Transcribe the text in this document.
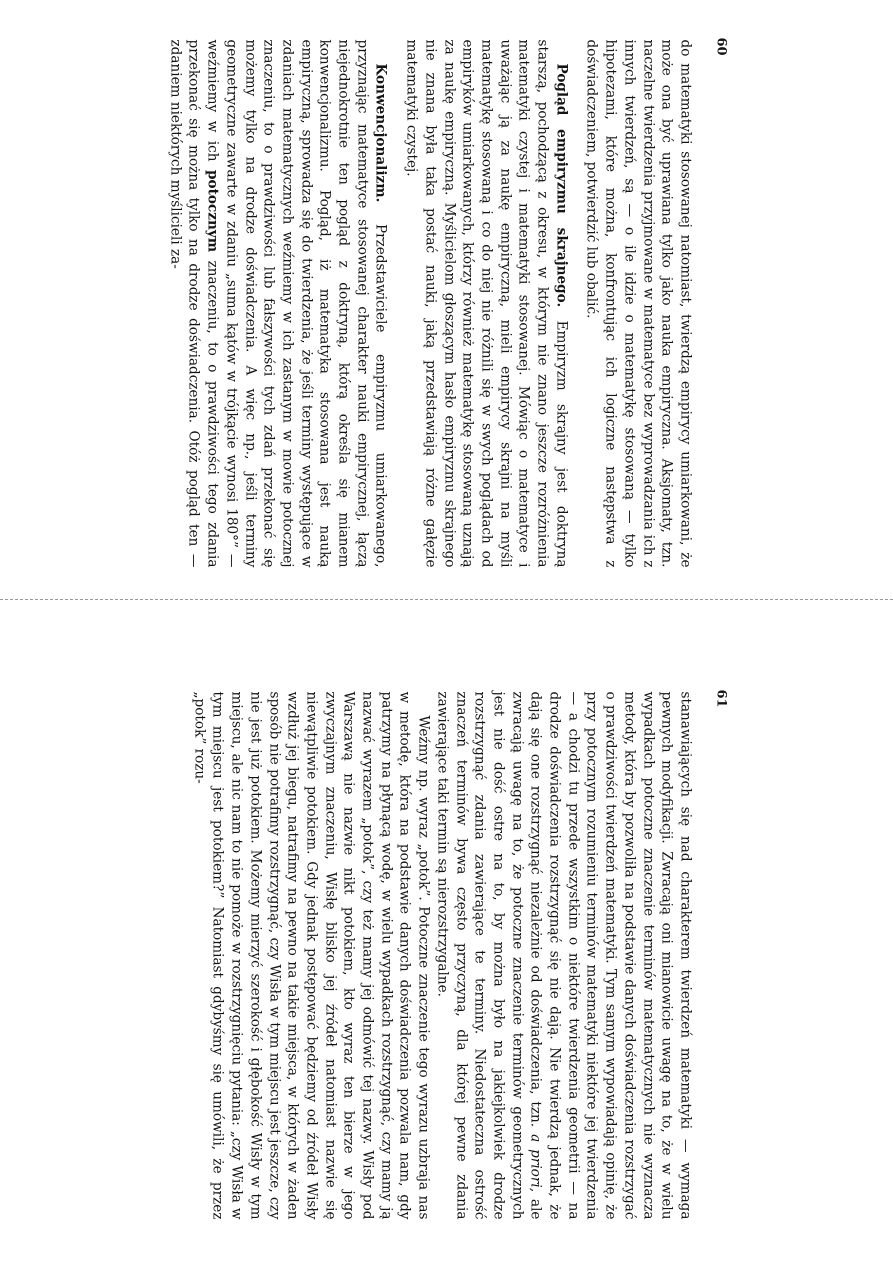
60

do matematyki stosowanej natomiast, twierdzą empirycy umiarkowani, że może ona być uprawiana tylko jako nauka empiryczna. Aksjomaty, tzn. naczelne twierdzenia przyjmowane w matematyce bez wyprowadzania ich z innych twierdzeń, są — o ile idzie o matematykę stosowaną — tylko hipotezami, które można, konfrontując ich logiczne następstwa z doświadczeniem, potwierdzić lub obalić.

Pogląd empiryzmu skrajnego. Empiryzm skrajny jest doktryną starszą, pochodzącą z okresu, w którym nie znano jeszcze rozróżnienia matematyki czystej i matematyki stosowanej. Mówiąc o matematyce i uważając ją za naukę empiryczną, mieli empirycy skrajni na myśli matematykę stosowaną i co do niej nie różnili się w swych poglądach od empiryków umiarkowanych, którzy również matematykę stosowaną uznają za naukę empiryczną. Myślicielom głoszącym hasło empiryzmu skrajnego nie znana była taka postać nauki, jaką przedstawiają różne gałęzie matematyki czystej.

Konwencjonalizm. Przedstawiciele empiryzmu umiarkowanego, przyznając matematyce stosowanej charakter nauki empirycznej, łączą niejednokrotnie ten pogląd z doktryną, którą określa się mianem konwencjonalizmu. Pogląd, iż matematyka stosowana jest nauką empiryczną, sprowadza się do twierdzenia, że jeśli terminy występujące w zdaniach matematycznych weźmiemy w ich zastanym w mowie potocznej znaczeniu, to o prawdziwości lub fałszywości tych zdań przekonać się możemy tylko na drodze doświadczenia. A więc np., jeśli terminy geometryczne zawarte w zdaniu „suma kątów w trójkącie wynosi 180°” — weźmiemy w ich potocznym znaczeniu, to o prawdziwości tego zdania przekonać się można tylko na drodze doświadczenia. Otóż pogląd ten — zdaniem niektórych myślicieli za-

61

stanawiających się nad charakterem twierdzeń matematyki — wymaga pewnych modyfikacji. Zwracają oni mianowicie uwagę na to, że w wielu wypadkach potoczne znaczenie terminów matematycznych nie wyznacza metody, która by pozwoliła na podstawie danych doświadczenia rozstrzygać o prawdziwości twierdzeń matematyki. Tym samym wypowiadają opinię, że przy potocznym rozumieniu terminów matematyki niektóre jej twierdzenia — a chodzi tu przede wszystkim o niektóre twierdzenia geometrii — na drodze doświadczenia rozstrzygnąć się nie dają. Nie twierdzą jednak, że dają się one rozstrzygnąć niezależnie od doświadczenia, tzn. a priori, ale zwracają uwagę na to, że potoczne znaczenie terminów geometrycznych jest nie dość ostre na to, by można było na jakiejkolwiek drodze rozstrzygnąć zdania zawierające te terminy. Niedostateczna ostrość znaczeń terminów bywa często przyczyną, dla której pewne zdania zawierające taki termin są nierozstrzygalne.

Weźmy np. wyraz „potok”. Potoczne znaczenie tego wyrazu uzbraja nas w metodę, która na podstawie danych doświadczenia pozwala nam, gdy patrzymy na płynącą wodę, w wielu wypadkach rozstrzygnąć, czy mamy ją nazwać wyrazem „potok”, czy też mamy jej odmówić tej nazwy. Wisły pod Warszawą nie nazwie nikt potokiem, kto wyraz ten bierze w jego zwyczajnym znaczeniu, Wisłę blisko jej źródeł natomiast nazwie się niewątpliwie potokiem. Gdy jednak postępować będziemy od źródeł Wisły wzdłuż jej biegu, natrafimy na pewno na takie miejsca, w których w żaden sposób nie potrafimy rozstrzygnąć, czy Wisła w tym miejscu jest jeszcze, czy nie jest już potokiem. Możemy mierzyć szerokość i głębokość Wisły w tym miejscu, ale nic nam to nie pomoże w rozstrzygnięciu pytania: „czy Wisła w tym miejscu jest potokiem?” Natomiast gdybyśmy się umówili, że przez „potok” rozu-
